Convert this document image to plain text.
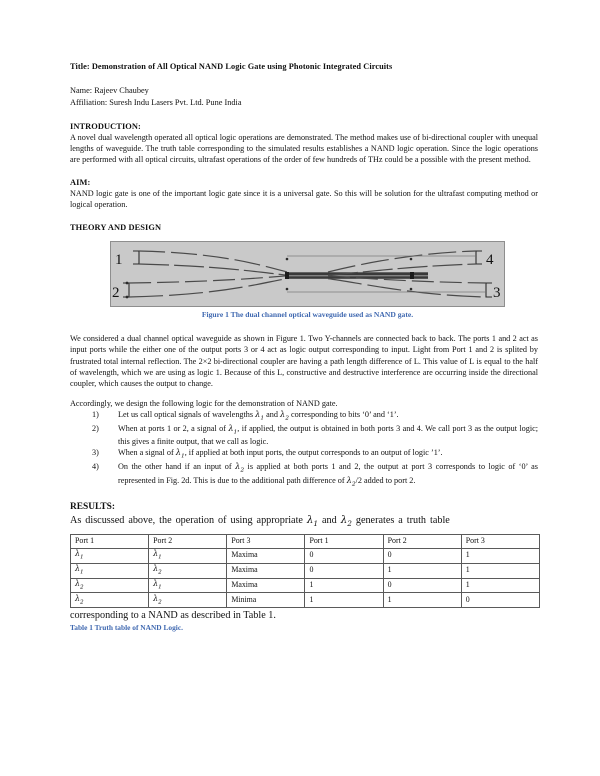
Title: Demonstration of All Optical NAND Logic Gate using Photonic Integrated Circuits
Name: Rajeev Chaubey
Affiliation: Suresh Indu Lasers Pvt. Ltd. Pune India
INTRODUCTION:

A novel dual wavelength operated all optical logic operations are demonstrated. The method makes use of bi-directional coupler with unequal lengths of waveguide. The truth table corresponding to the simulated results establishes a NAND logic operation. Since the logic operations are performed with all optical circuits, ultrafast operations of the order of few hundreds of THz could be a possible with the present method.

AIM:

NAND logic gate is one of the important logic gate since it is a universal gate. So this will be solution for the ultrafast computing method or logical operation.

THEORY AND DESIGN
1
2
4
3
Figure 1 The dual channel optical waveguide used as NAND gate.

We considered a dual channel optical waveguide as shown in Figure 1. Two Y-channels are connected back to back. The ports 1 and 2 act as input ports while the either one of the output ports 3 or 4 act as logic output corresponding to input. Light from Port 1 and 2 is splited by frustrated total internal reflection. The 2×2 bi-directional coupler are having a path length difference of L. This value of L is equal to the half of wavelength, which we are using as logic 1. Because of this L, constructive and destructive interference are occurring inside the directional coupler, which causes the output to change.

Accordingly, we design the following logic for the demonstration of NAND gate.

Let us call optical signals of wavelengths $\lambda_1$ and $\lambda_2$ corresponding to bits ‘0’ and ‘1’.
When at ports 1 or 2, a signal of $\lambda_1$, if applied, the output is obtained in both ports 3 and 4. We call port 3 as the output logic; this gives a finite output, that we call as logic.
When a signal of $\lambda_1$, if applied at both input ports, the output corresponds to an output of logic ’1’.
On the other hand if an input of $\lambda_2$ is applied at both ports 1 and 2, the output at port 3 corresponds to logic of ‘0’ as represented in Fig. 2d. This is due to the additional path difference of $\lambda_2/2$ added to port 2.
RESULTS:

As discussed above, the operation of using appropriate $\lambda_1$ and $\lambda_2$ generates a truth table

Port 1	Port 2	Port 3	Port 1	Port 2	Port 3
$\lambda_1$	$\lambda_1$	Maxima	0	0	1
$\lambda_1$	$\lambda_2$	Maxima	0	1	1
$\lambda_2$	$\lambda_1$	Maxima	1	0	1
$\lambda_2$	$\lambda_2$	Minima	1	1	0

corresponding to a NAND as described in Table 1.

Table 1 Truth table of NAND Logic.
